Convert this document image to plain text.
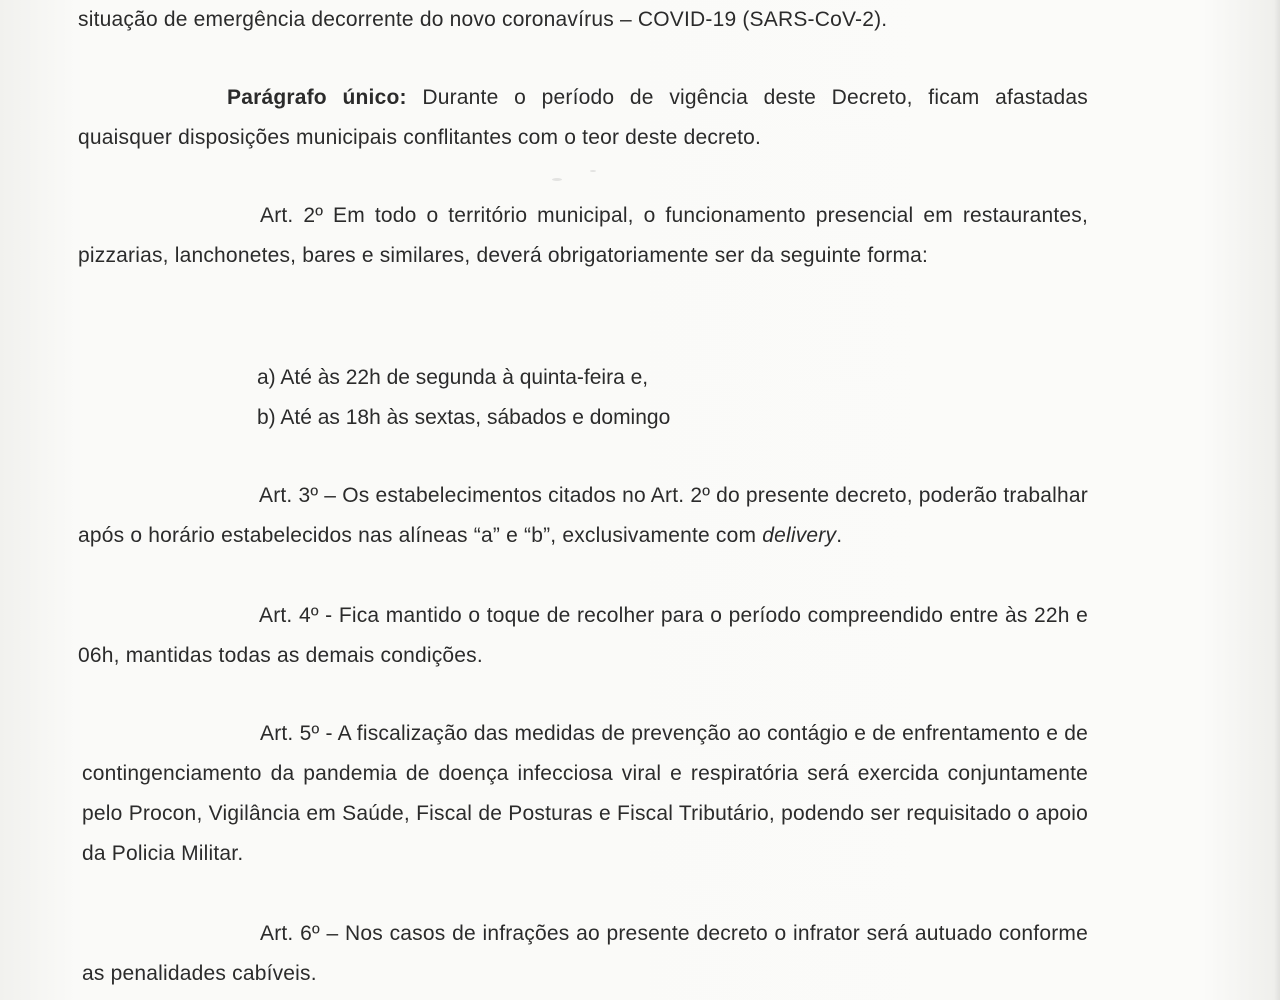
situação de emergência decorrente do novo coronavírus – COVID-19 (SARS-CoV-2).
Parágrafo único: Durante o período de vigência deste Decreto, ficam afastadas quaisquer disposições municipais conflitantes com o teor deste decreto.
Art. 2º Em todo o território municipal, o funcionamento presencial em restaurantes, pizzarias, lanchonetes, bares e similares, deverá obrigatoriamente ser da seguinte forma:
a) Até às 22h de segunda à quinta-feira e,
b) Até as 18h às sextas, sábados e domingo
Art. 3º – Os estabelecimentos citados no Art. 2º do presente decreto, poderão trabalhar após o horário estabelecidos nas alíneas “a” e “b”, exclusivamente com delivery.
Art. 4º - Fica mantido o toque de recolher para o período compreendido entre às 22h e 06h, mantidas todas as demais condições.
Art. 5º - A fiscalização das medidas de prevenção ao contágio e de enfrentamento e de contingenciamento da pandemia de doença infecciosa viral e respiratória será exercida conjuntamente pelo Procon, Vigilância em Saúde, Fiscal de Posturas e Fiscal Tributário, podendo ser requisitado o apoio da Policia Militar.
Art. 6º – Nos casos de infrações ao presente decreto o infrator será autuado conforme as penalidades cabíveis.
